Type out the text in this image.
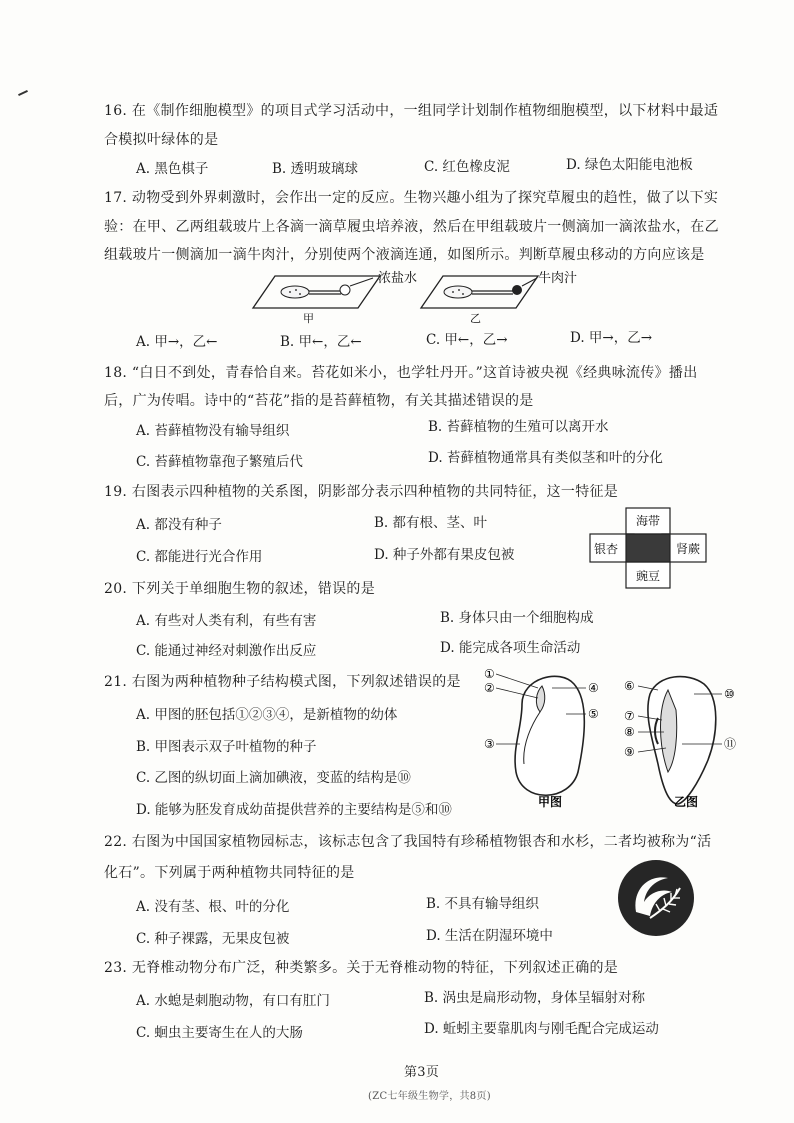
16. 在《制作细胞模型》的项目式学习活动中，一组同学计划制作植物细胞模型，以下材料中最适
合模拟叶绿体的是
A. 黑色棋子	B. 透明玻璃球	C. 红色橡皮泥	D. 绿色太阳能电池板
17. 动物受到外界刺激时，会作出一定的反应。生物兴趣小组为了探究草履虫的趋性，做了以下实
验：在甲、乙两组载玻片上各滴一滴草履虫培养液，然后在甲组载玻片一侧滴加一滴浓盐水，在乙
组载玻片一侧滴加一滴牛肉汁，分别使两个液滴连通，如图所示。判断草履虫移动的方向应该是
浓盐水
甲
牛肉汁
乙
A. 甲→，乙←	B. 甲←，乙←	C. 甲←，乙→	D. 甲→，乙→
18. “白日不到处，青春恰自来。苔花如米小，也学牡丹开。”这首诗被央视《经典咏流传》播出
后，广为传唱。诗中的“苔花”指的是苔藓植物，有关其描述错误的是
A. 苔藓植物没有输导组织	B. 苔藓植物的生殖可以离开水
C. 苔藓植物靠孢子繁殖后代	D. 苔藓植物通常具有类似茎和叶的分化
19. 右图表示四种植物的关系图，阴影部分表示四种植物的共同特征，这一特征是
A. 都没有种子	B. 都有根、茎、叶
C. 都能进行光合作用	D. 种子外都有果皮包被
海带
银杏	肾蕨
豌豆
20. 下列关于单细胞生物的叙述，错误的是
A. 有些对人类有利，有些有害	B. 身体只由一个细胞构成
C. 能通过神经对刺激作出反应	D. 能完成各项生命活动
21. 右图为两种植物种子结构模式图，下列叙述错误的是
A. 甲图的胚包括①②③④，是新植物的幼体
B. 甲图表示双子叶植物的种子
C. 乙图的纵切面上滴加碘液，变蓝的结构是⑩
D. 能够为胚发育成幼苗提供营养的主要结构是⑤和⑩
①
②
③
④
⑤
甲图
⑥
⑦
⑧
⑨
⑩
⑪
乙图
22. 右图为中国国家植物园标志，该标志包含了我国特有珍稀植物银杏和水杉，二者均被称为“活
化石”。下列属于两种植物共同特征的是
A. 没有茎、根、叶的分化	B. 不具有输导组织
C. 种子裸露，无果皮包被	D. 生活在阴湿环境中
23. 无脊椎动物分布广泛，种类繁多。关于无脊椎动物的特征，下列叙述正确的是
A. 水螅是刺胞动物，有口有肛门	B. 涡虫是扁形动物，身体呈辐射对称
C. 蛔虫主要寄生在人的大肠	D. 蚯蚓主要靠肌肉与刚毛配合完成运动
第3页
(ZC七年级生物学，共8页)
